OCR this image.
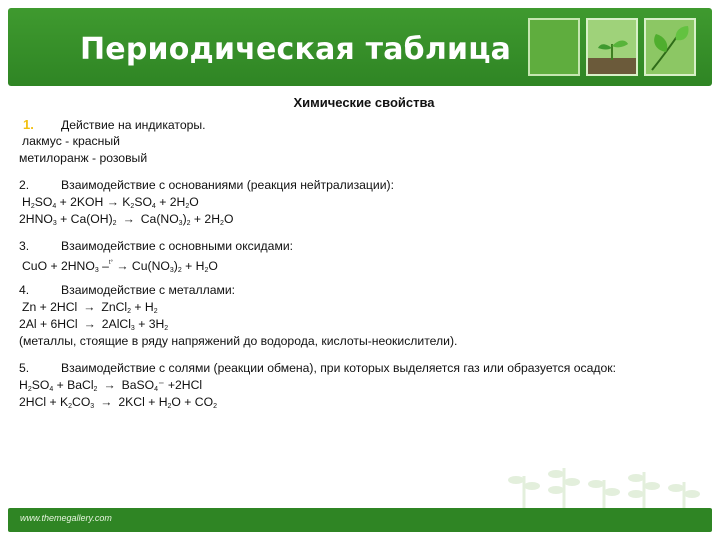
Периодическая таблица
Химические свойства
1. Действие на индикаторы.
лакмус - красный
метилоранж - розовый
2.	Взаимодействие с основаниями (реакция нейтрализации):
$H_2SO_4 + 2KOH \to K_2SO_4 + 2H_2O$
$2HNO_3 + Ca(OH)_2 \to Ca(NO_3)_2 + 2H_2O$
3.	Взаимодействие с основными оксидами:
CuO + $2HNO_3$ $-^{t^\circ} \to Cu(NO_3)_2 + H_2O$
4.	Взаимодействие с металлами:
Zn + 2HCl → ZnCl$_2$ + $H_2$
2Al + 6HCl → 2AlCl$_3$ + $3H_2$
(металлы, стоящие в ряду напряжений до водорода, кислоты-неокислители).
5.	Взаимодействие с солями (реакции обмена), при которых выделяется газ или образуется осадок:
$H_2SO_4$ + BaCl$_2$ → BaSO$_4$⁻ +2HCl
$2HCl + K_2CO_3 \to 2KCl + H_2O + CO_2$
www.themegallery.com
